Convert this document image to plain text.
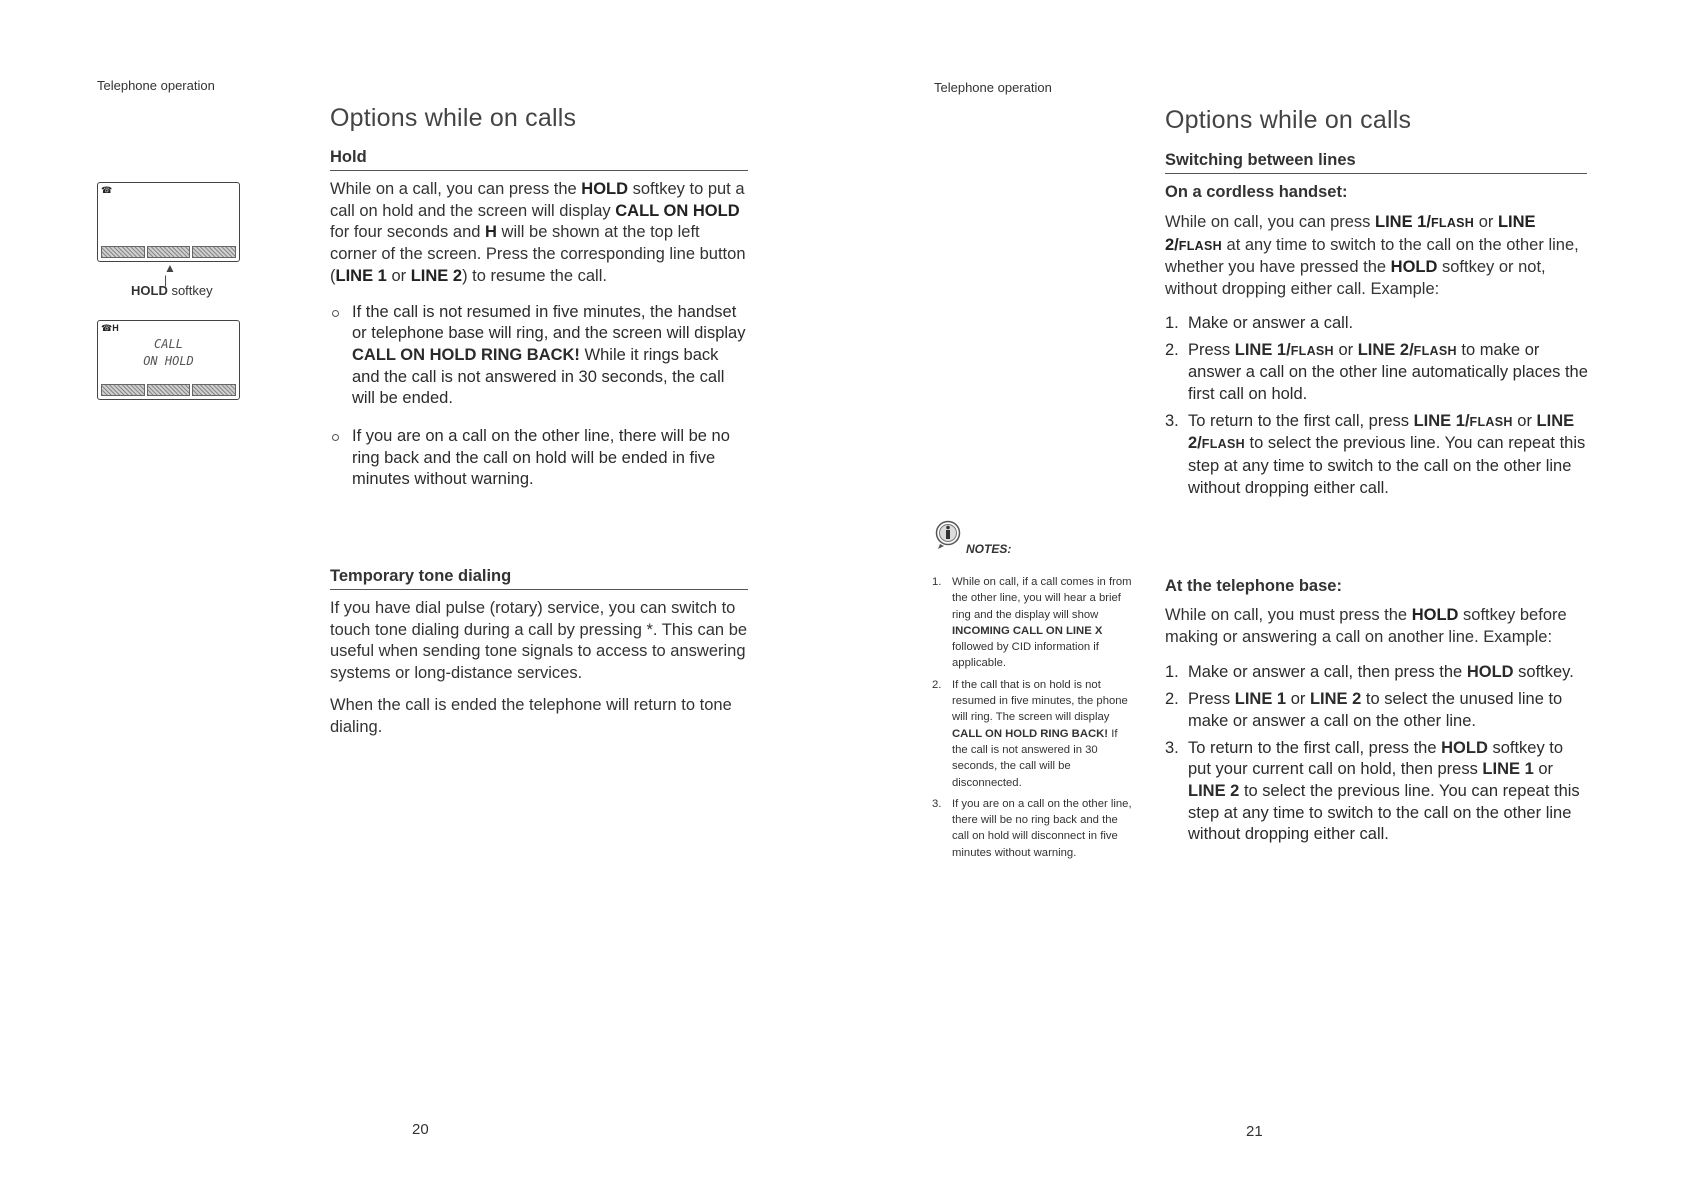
Telephone operation
Options while on calls
Hold

While on a call, you can press the HOLD softkey to put a call on hold and the screen will display CALL ON HOLD for four seconds and H will be shown at the top left corner of the screen. Press the corresponding line button (LINE 1 or LINE 2) to resume the call.

If the call is not resumed in five minutes, the handset or telephone base will ring, and the screen will display CALL ON HOLD RING BACK! While it rings back and the call is not answered in 30 seconds, the call will be ended.
If you are on a call on the other line, there will be no ring back and the call on hold will be ended in five minutes without warning.
Temporary tone dialing

If you have dial pulse (rotary) service, you can switch to touch tone dialing during a call by pressing *. This can be useful when sending tone signals to access to answering systems or long-distance services.

When the call is ended the telephone will return to tone dialing.

☎
▲
|
HOLD softkey
☎H
CALL
ON HOLD
20
Telephone operation
Options while on calls
Switching between lines
On a cordless handset:

While on call, you can press LINE 1/FLASH or LINE 2/FLASH at any time to switch to the call on the other line, whether you have pressed the HOLD softkey or not, without dropping either call. Example:

1. Make or answer a call.
2. Press LINE 1/FLASH or LINE 2/FLASH to make or answer a call on the other line automatically places the first call on hold.
3. To return to the first call, press LINE 1/FLASH or LINE 2/FLASH to select the previous line. You can repeat this step at any time to switch to the call on the other line without dropping either call.
At the telephone base:

While on call, you must press the HOLD softkey before making or answering a call on another line. Example:

1. Make or answer a call, then press the HOLD softkey.
2. Press LINE 1 or LINE 2 to select the unused line to make or answer a call on the other line.
3. To return to the first call, press the HOLD softkey to put your current call on hold, then press LINE 1 or LINE 2 to select the previous line. You can repeat this step at any time to switch to the call on the other line without dropping either call.
NOTES:
1. While on call, if a call comes in from the other line, you will hear a brief ring and the display will show INCOMING CALL ON LINE X followed by CID information if applicable.
2. If the call that is on hold is not resumed in five minutes, the phone will ring. The screen will display CALL ON HOLD RING BACK! If the call is not answered in 30 seconds, the call will be disconnected.
3. If you are on a call on the other line, there will be no ring back and the call on hold will disconnect in five minutes without warning.
21
